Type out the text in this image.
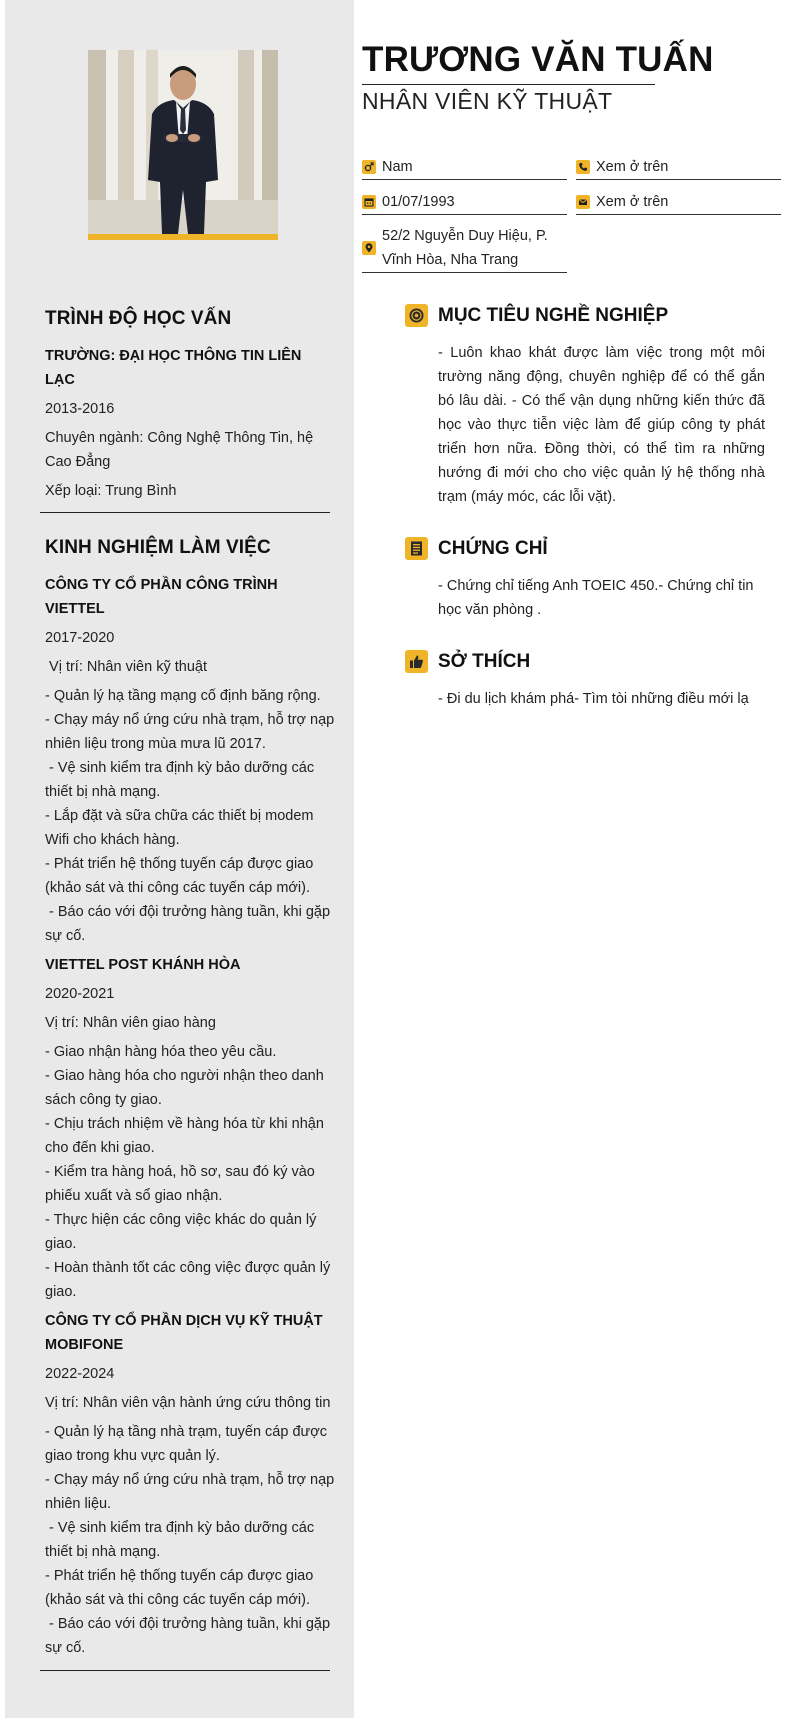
TRÌNH ĐỘ HỌC VẤN
TRƯỜNG: ĐẠI HỌC THÔNG TIN LIÊN LẠC
2013-2016
Chuyên ngành: Công Nghệ Thông Tin, hệ Cao Đẳng
Xếp loại: Trung Bình
KINH NGHIỆM LÀM VIỆC
CÔNG TY CỔ PHẦN CÔNG TRÌNH VIETTEL
2017-2020
Vị trí: Nhân viên kỹ thuật
- Quản lý hạ tầng mạng cố định băng rộng.
- Chạy máy nổ ứng cứu nhà trạm, hỗ trợ nạp nhiên liệu trong mùa mưa lũ 2017.
- Vệ sinh kiểm tra định kỳ bảo dưỡng các thiết bị nhà mạng.
- Lắp đặt và sữa chữa các thiết bị modem Wifi cho khách hàng.
- Phát triển hệ thống tuyến cáp được giao (khảo sát và thi công các tuyến cáp mới).
- Báo cáo với đội trưởng hàng tuần, khi gặp sự cố.
VIETTEL POST KHÁNH HÒA
2020-2021
Vị trí: Nhân viên giao hàng
- Giao nhận hàng hóa theo yêu cầu.
- Giao hàng hóa cho người nhận theo danh sách công ty giao.
- Chịu trách nhiệm về hàng hóa từ khi nhận cho đến khi giao.
- Kiểm tra hàng hoá, hồ sơ, sau đó ký vào phiếu xuất và sổ giao nhận.
- Thực hiện các công việc khác do quản lý giao.
- Hoàn thành tốt các công việc được quản lý giao.
CÔNG TY CỔ PHẦN DỊCH VỤ KỸ THUẬT MOBIFONE
2022-2024
Vị trí: Nhân viên vận hành ứng cứu thông tin
- Quản lý hạ tầng nhà trạm, tuyến cáp được giao trong khu vực quản lý.
- Chạy máy nổ ứng cứu nhà trạm, hỗ trợ nạp nhiên liệu.
- Vệ sinh kiểm tra định kỳ bảo dưỡng các thiết bị nhà mạng.
- Phát triển hệ thống tuyến cáp được giao (khảo sát và thi công các tuyến cáp mới).
- Báo cáo với đội trưởng hàng tuần, khi gặp sự cố.
TRƯƠNG VĂN TUẤN
NHÂN VIÊN KỸ THUẬT
Nam	Xem ở trên
01/07/1993	Xem ở trên
52/2 Nguyễn Duy Hiệu, P. Vĩnh Hòa, Nha Trang
MỤC TIÊU NGHỀ NGHIỆP
- Luôn khao khát được làm việc trong một môi trường năng động, chuyên nghiệp để có thể gắn bó lâu dài. - Có thể vận dụng những kiến thức đã học vào thực tiễn việc làm để giúp công ty phát triển hơn nữa. Đồng thời, có thể tìm ra những hướng đi mới cho cho việc quản lý hệ thống nhà trạm (máy móc, các lỗi vặt).
CHỨNG CHỈ
- Chứng chỉ tiếng Anh TOEIC 450.- Chứng chỉ tin học văn phòng .
SỞ THÍCH
- Đi du lịch khám phá- Tìm tòi những điều mới lạ
